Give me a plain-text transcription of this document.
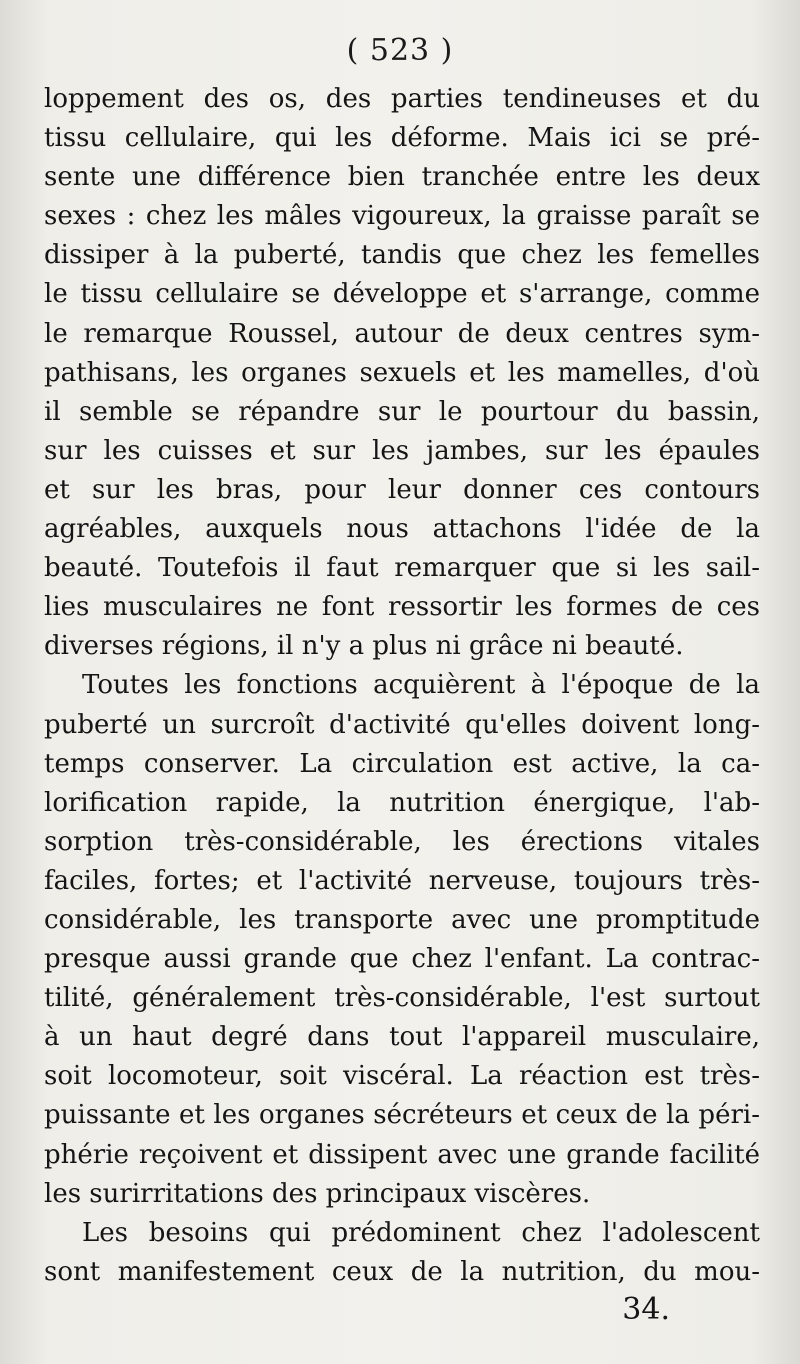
( 523 )
loppement des os, des parties tendineuses et du
tissu cellulaire, qui les déforme. Mais ici se pré-
sente une différence bien tranchée entre les deux
sexes : chez les mâles vigoureux, la graisse paraît se
dissiper à la puberté, tandis que chez les femelles
le tissu cellulaire se développe et s'arrange, comme
le remarque Roussel, autour de deux centres sym-
pathisans, les organes sexuels et les mamelles, d'où
il semble se répandre sur le pourtour du bassin,
sur les cuisses et sur les jambes, sur les épaules
et sur les bras, pour leur donner ces contours
agréables, auxquels nous attachons l'idée de la
beauté. Toutefois il faut remarquer que si les sail-
lies musculaires ne font ressortir les formes de ces
diverses régions, il n'y a plus ni grâce ni beauté.
Toutes les fonctions acquièrent à l'époque de la
puberté un surcroît d'activité qu'elles doivent long-
temps conserver. La circulation est active, la ca-
lorification rapide, la nutrition énergique, l'ab-
sorption très-considérable, les érections vitales
faciles, fortes; et l'activité nerveuse, toujours très-
considérable, les transporte avec une promptitude
presque aussi grande que chez l'enfant. La contrac-
tilité, généralement très-considérable, l'est surtout
à un haut degré dans tout l'appareil musculaire,
soit locomoteur, soit viscéral. La réaction est très-
puissante et les organes sécréteurs et ceux de la péri-
phérie reçoivent et dissipent avec une grande facilité
les surirritations des principaux viscères.
Les besoins qui prédominent chez l'adolescent
sont manifestement ceux de la nutrition, du mou-
34.
